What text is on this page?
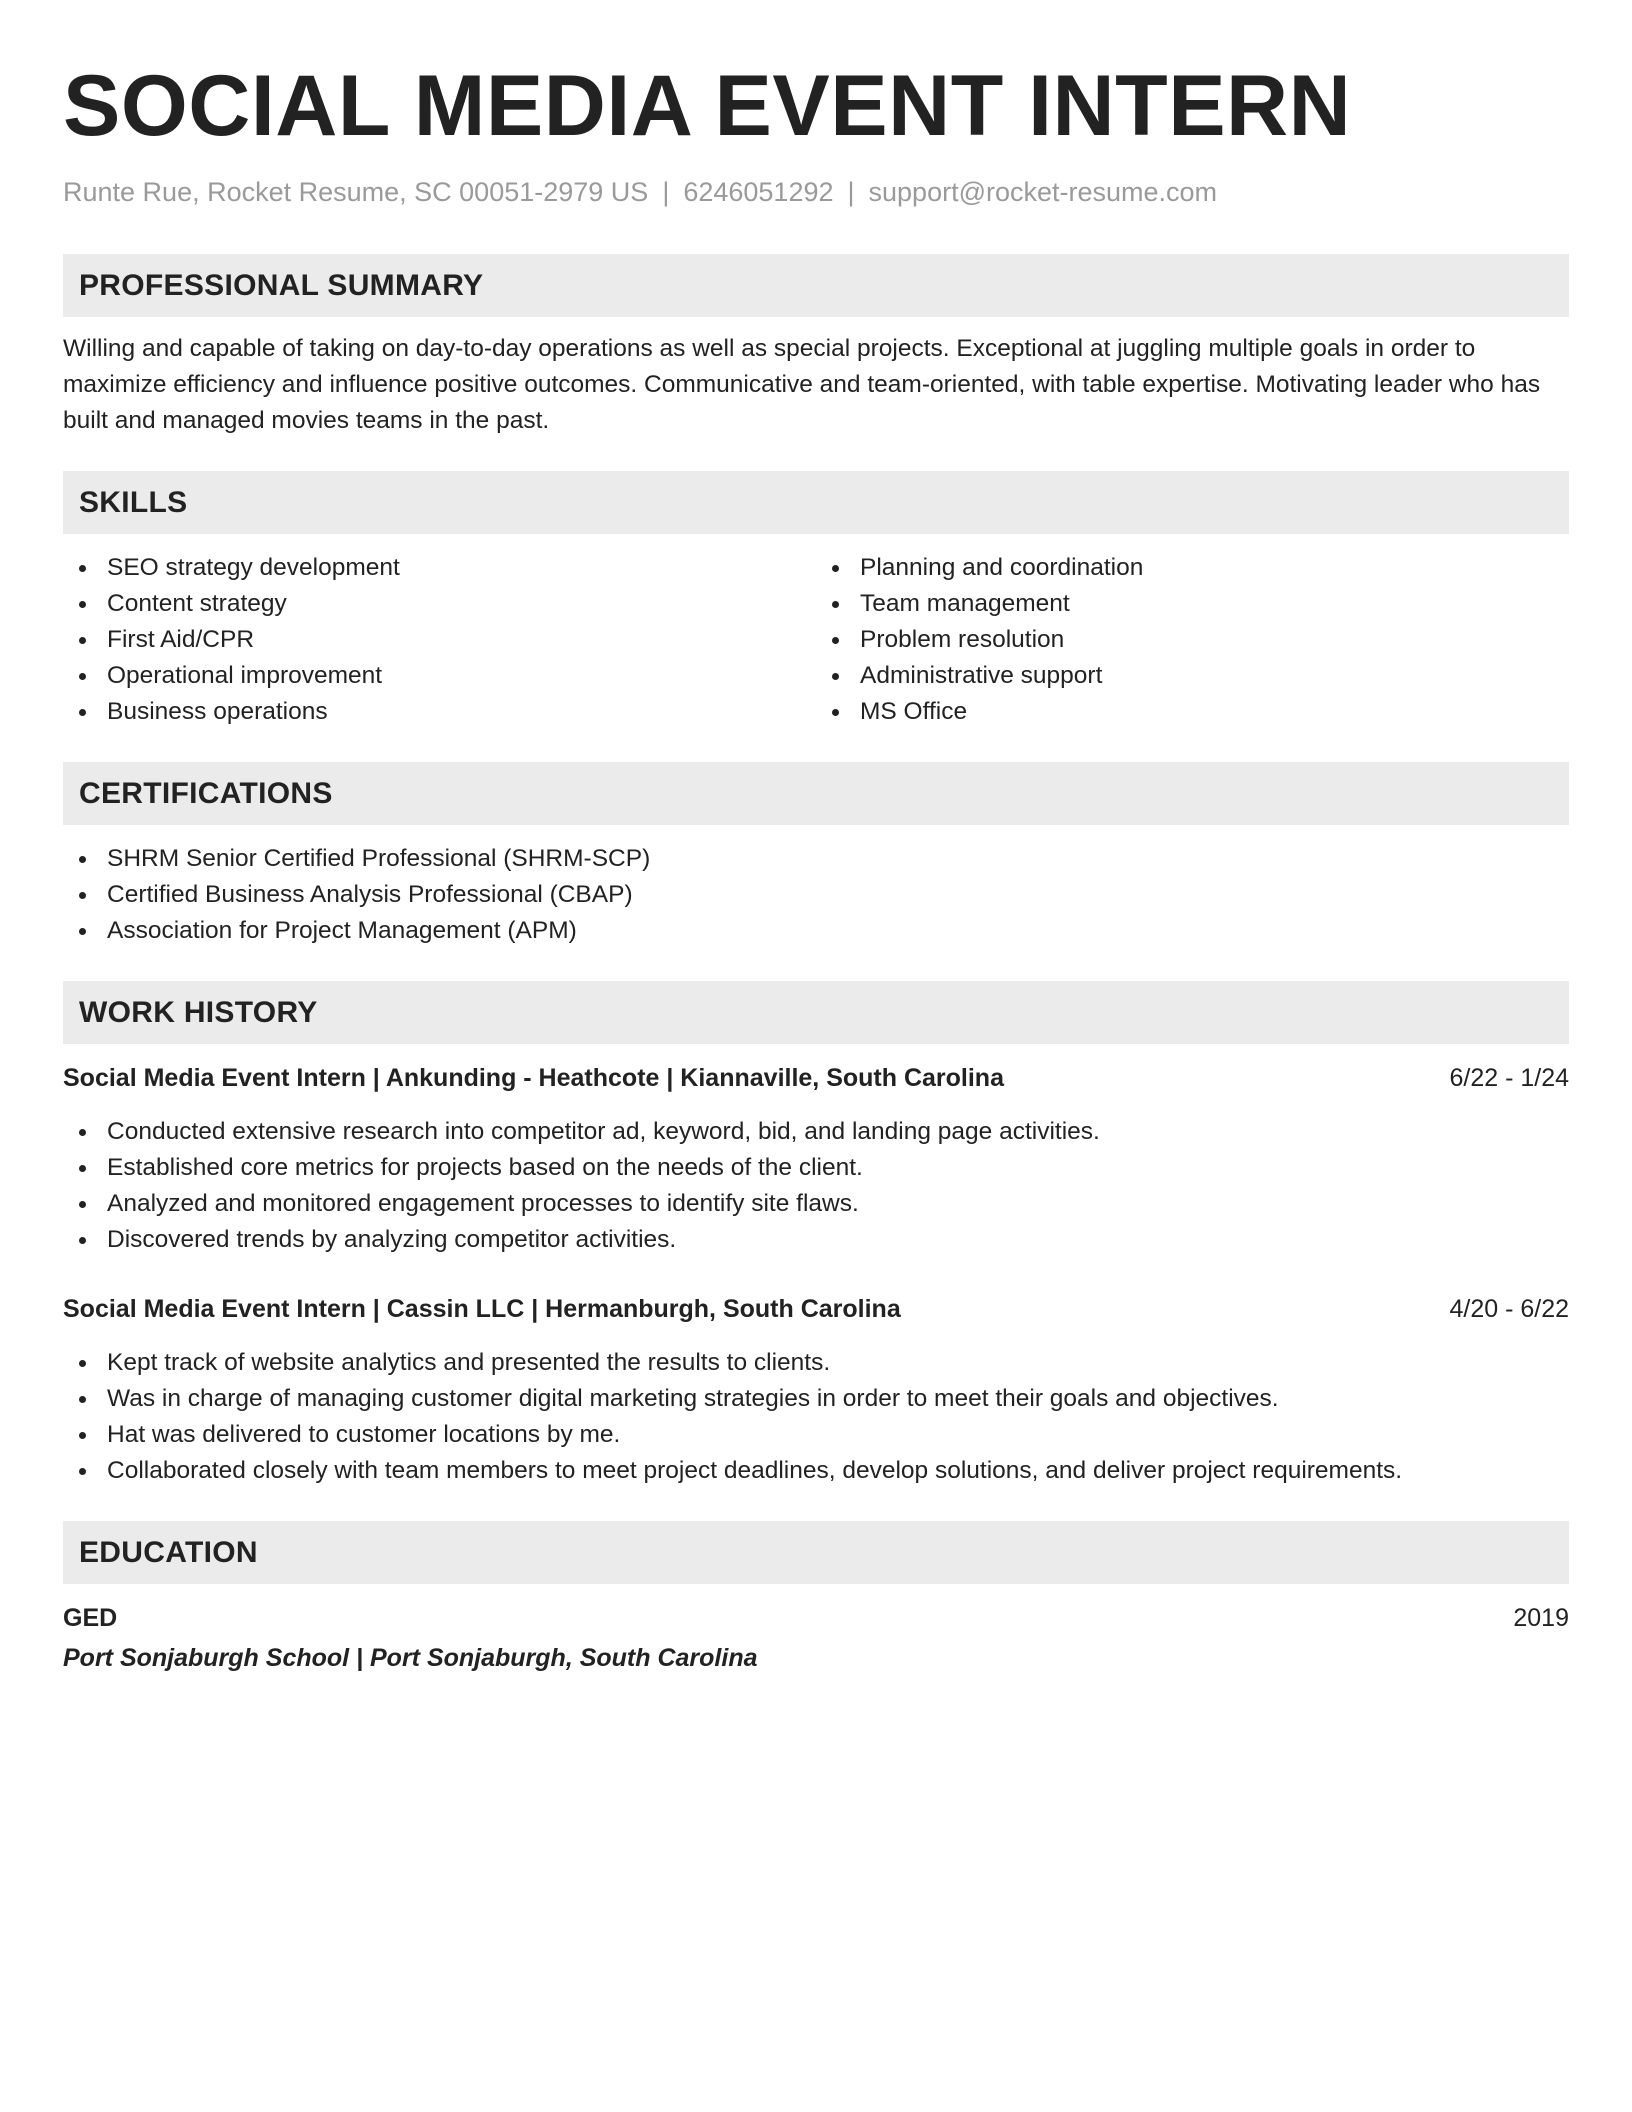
SOCIAL MEDIA EVENT INTERN
Runte Rue, Rocket Resume, SC 00051-2979 US | 6246051292 | support@rocket-resume.com
PROFESSIONAL SUMMARY

Willing and capable of taking on day-to-day operations as well as special projects. Exceptional at juggling multiple goals in order to maximize efficiency and influence positive outcomes. Communicative and team-oriented, with table expertise. Motivating leader who has built and managed movies teams in the past.

SKILLS
SEO strategy development
Content strategy
First Aid/CPR
Operational improvement
Business operations
Planning and coordination
Team management
Problem resolution
Administrative support
MS Office
CERTIFICATIONS
SHRM Senior Certified Professional (SHRM-SCP)
Certified Business Analysis Professional (CBAP)
Association for Project Management (APM)
WORK HISTORY
Social Media Event Intern | Ankunding - Heathcote | Kiannaville, South Carolina	6/22 - 1/24
Conducted extensive research into competitor ad, keyword, bid, and landing page activities.
Established core metrics for projects based on the needs of the client.
Analyzed and monitored engagement processes to identify site flaws.
Discovered trends by analyzing competitor activities.
Social Media Event Intern | Cassin LLC | Hermanburgh, South Carolina	4/20 - 6/22
Kept track of website analytics and presented the results to clients.
Was in charge of managing customer digital marketing strategies in order to meet their goals and objectives.
Hat was delivered to customer locations by me.
Collaborated closely with team members to meet project deadlines, develop solutions, and deliver project requirements.
EDUCATION
GED	2019
Port Sonjaburgh School | Port Sonjaburgh, South Carolina
